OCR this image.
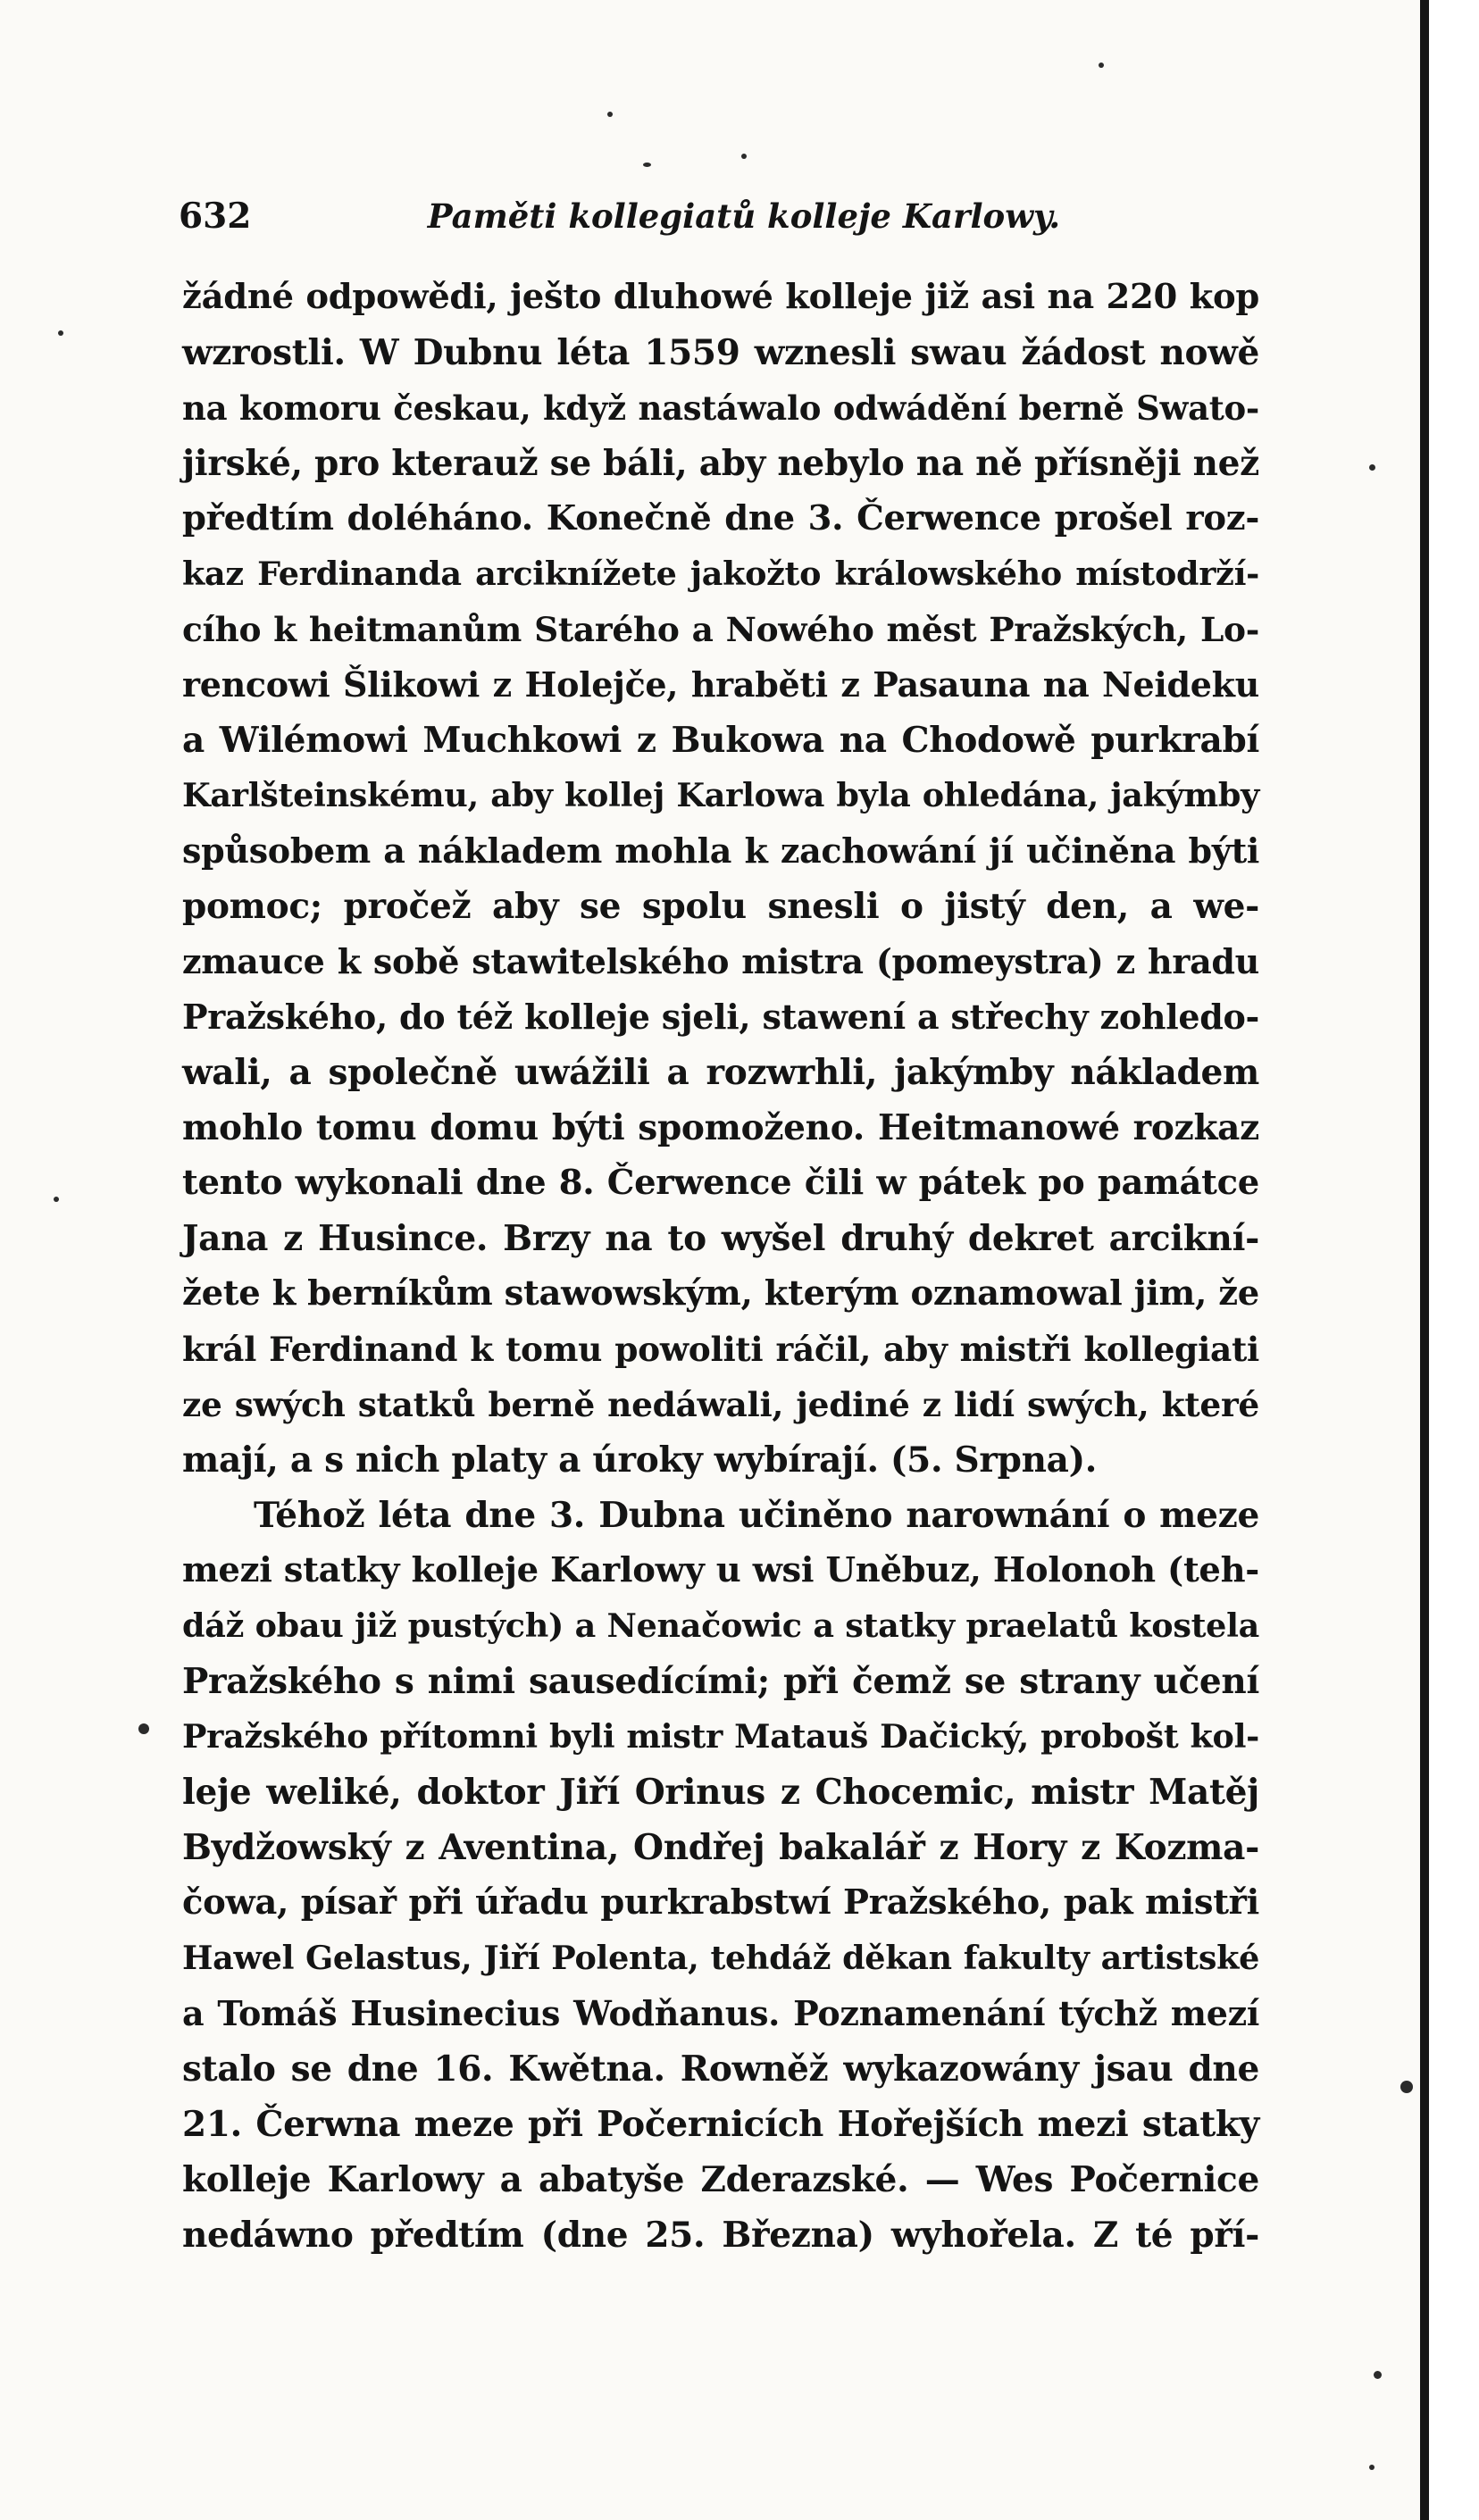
632	Paměti kollegiatů kolleje Karlowy.
žádné odpowědi, ješto dluhowé kolleje již asi na 220 kop
wzrostli. W Dubnu léta 1559 wznesli swau žádost nowě
na komoru českau, když nastáwalo odwádění berně Swato-
jirské, pro kterauž se báli, aby nebylo na ně přísněji než
předtím doléháno. Konečně dne 3. Čerwence prošel roz-
kaz Ferdinanda arciknížete jakožto králowského místodrží-
cího k heitmanům Starého a Nowého měst Pražských, Lo-
rencowi Šlikowi z Holejče, hraběti z Pasauna na Neideku
a Wilémowi Muchkowi z Bukowa na Chodowě purkrabí
Karlšteinskému, aby kollej Karlowa byla ohledána, jakýmby
spůsobem a nákladem mohla k zachowání jí učiněna býti
pomoc; pročež aby se spolu snesli o jistý den, a we-
zmauce k sobě stawitelského mistra (pomeystra) z hradu
Pražského, do též kolleje sjeli, stawení a střechy zohledo-
wali, a společně uwážili a rozwrhli, jakýmby nákladem
mohlo tomu domu býti spomoženo. Heitmanowé rozkaz
tento wykonali dne 8. Čerwence čili w pátek po památce
Jana z Husince. Brzy na to wyšel druhý dekret arcikní-
žete k berníkům stawowským, kterým oznamowal jim, že
král Ferdinand k tomu powoliti ráčil, aby mistři kollegiati
ze swých statků berně nedáwali, jediné z lidí swých, které
mají, a s nich platy a úroky wybírají. (5. Srpna).
Téhož léta dne 3. Dubna učiněno narownání o meze
mezi statky kolleje Karlowy u wsi Uněbuz, Holonoh (teh-
dáž obau již pustých) a Nenačowic a statky praelatů kostela
Pražského s nimi sausedícími; při čemž se strany učení
Pražského přítomni byli mistr Matauš Dačický, probošt kol-
leje weliké, doktor Jiří Orinus z Chocemic, mistr Matěj
Bydžowský z Aventina, Ondřej bakalář z Hory z Kozma-
čowa, písař při úřadu purkrabstwí Pražského, pak mistři
Hawel Gelastus, Jiří Polenta, tehdáž děkan fakulty artistské
a Tomáš Husinecius Wodňanus. Poznamenání týchž mezí
stalo se dne 16. Kwětna. Rowněž wykazowány jsau dne
21. Čerwna meze při Počernicích Hořejších mezi statky
kolleje Karlowy a abatyše Zderazské. — Wes Počernice
nedáwno předtím (dne 25. Března) wyhořela. Z té pří-
